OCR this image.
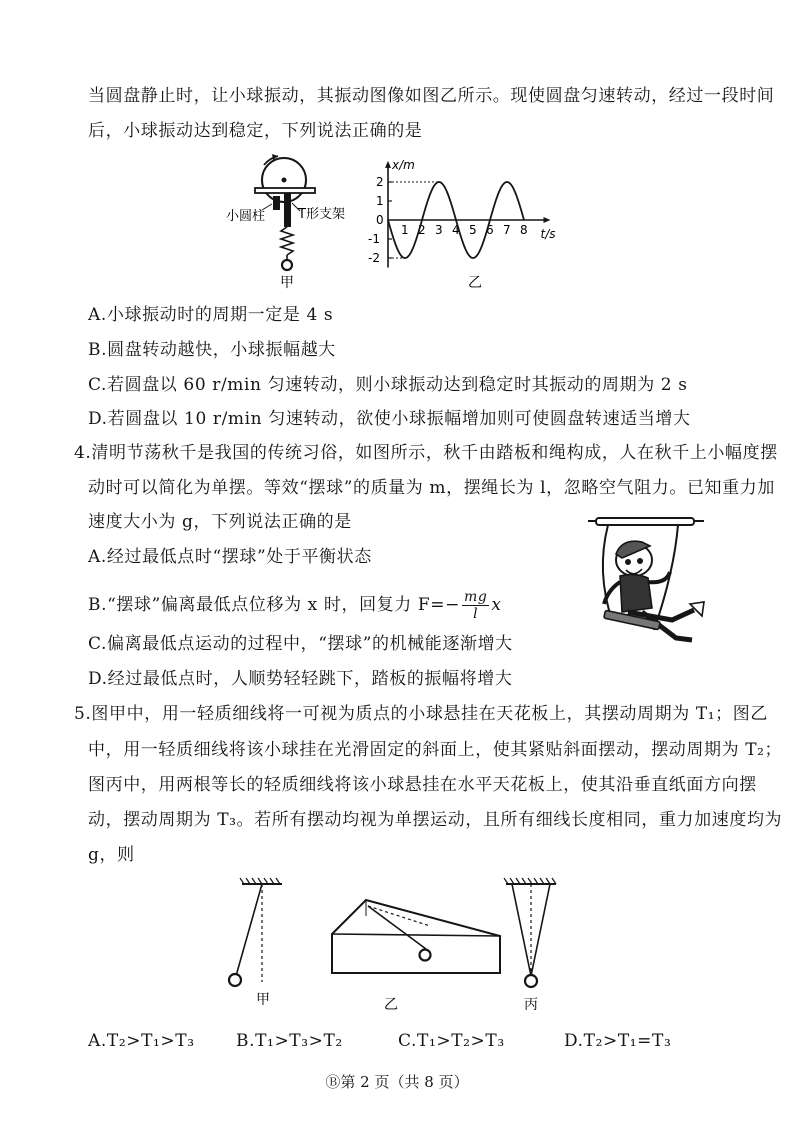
当圆盘静止时，让小球振动，其振动图像如图乙所示。现使圆盘匀速转动，经过一段时间
后，小球振动达到稳定，下列说法正确的是
小圆柱	T形支架
甲
x/m
t/s
1 2 3 4 5 6 7 8
2
1
0
-1
-2
乙
A.小球振动时的周期一定是 4 s
B.圆盘转动越快，小球振幅越大
C.若圆盘以 60 r/min 匀速转动，则小球振动达到稳定时其振动的周期为 2 s
D.若圆盘以 10 r/min 匀速转动，欲使小球振幅增加则可使圆盘转速适当增大
4.清明节荡秋千是我国的传统习俗，如图所示，秋千由踏板和绳构成，人在秋千上小幅度摆
动时可以简化为单摆。等效“摆球”的质量为 m，摆绳长为 l，忽略空气阻力。已知重力加
速度大小为 g，下列说法正确的是
A.经过最低点时“摆球”处于平衡状态
B.“摆球”偏离最低点位移为 x 时，回复力 $F=- \frac{mg}{l}$ x
C.偏离最低点运动的过程中，“摆球”的机械能逐渐增大
D.经过最低点时，人顺势轻轻跳下，踏板的振幅将增大
5.图甲中，用一轻质细线将一可视为质点的小球悬挂在天花板上，其摆动周期为 T₁；图乙
中，用一轻质细线将该小球挂在光滑固定的斜面上，使其紧贴斜面摆动，摆动周期为 T₂；
图丙中，用两根等长的轻质细线将该小球悬挂在水平天花板上，使其沿垂直纸面方向摆
动，摆动周期为 T₃。若所有摆动均视为单摆运动，且所有细线长度相同，重力加速度均为
g，则
甲	乙	丙
A.T₂>T₁>T₃ B.T₁>T₃>T₂	C.T₁>T₂>T₃	D.T₂>T₁=T₃
Ⓑ第 2 页（共 8 页）
